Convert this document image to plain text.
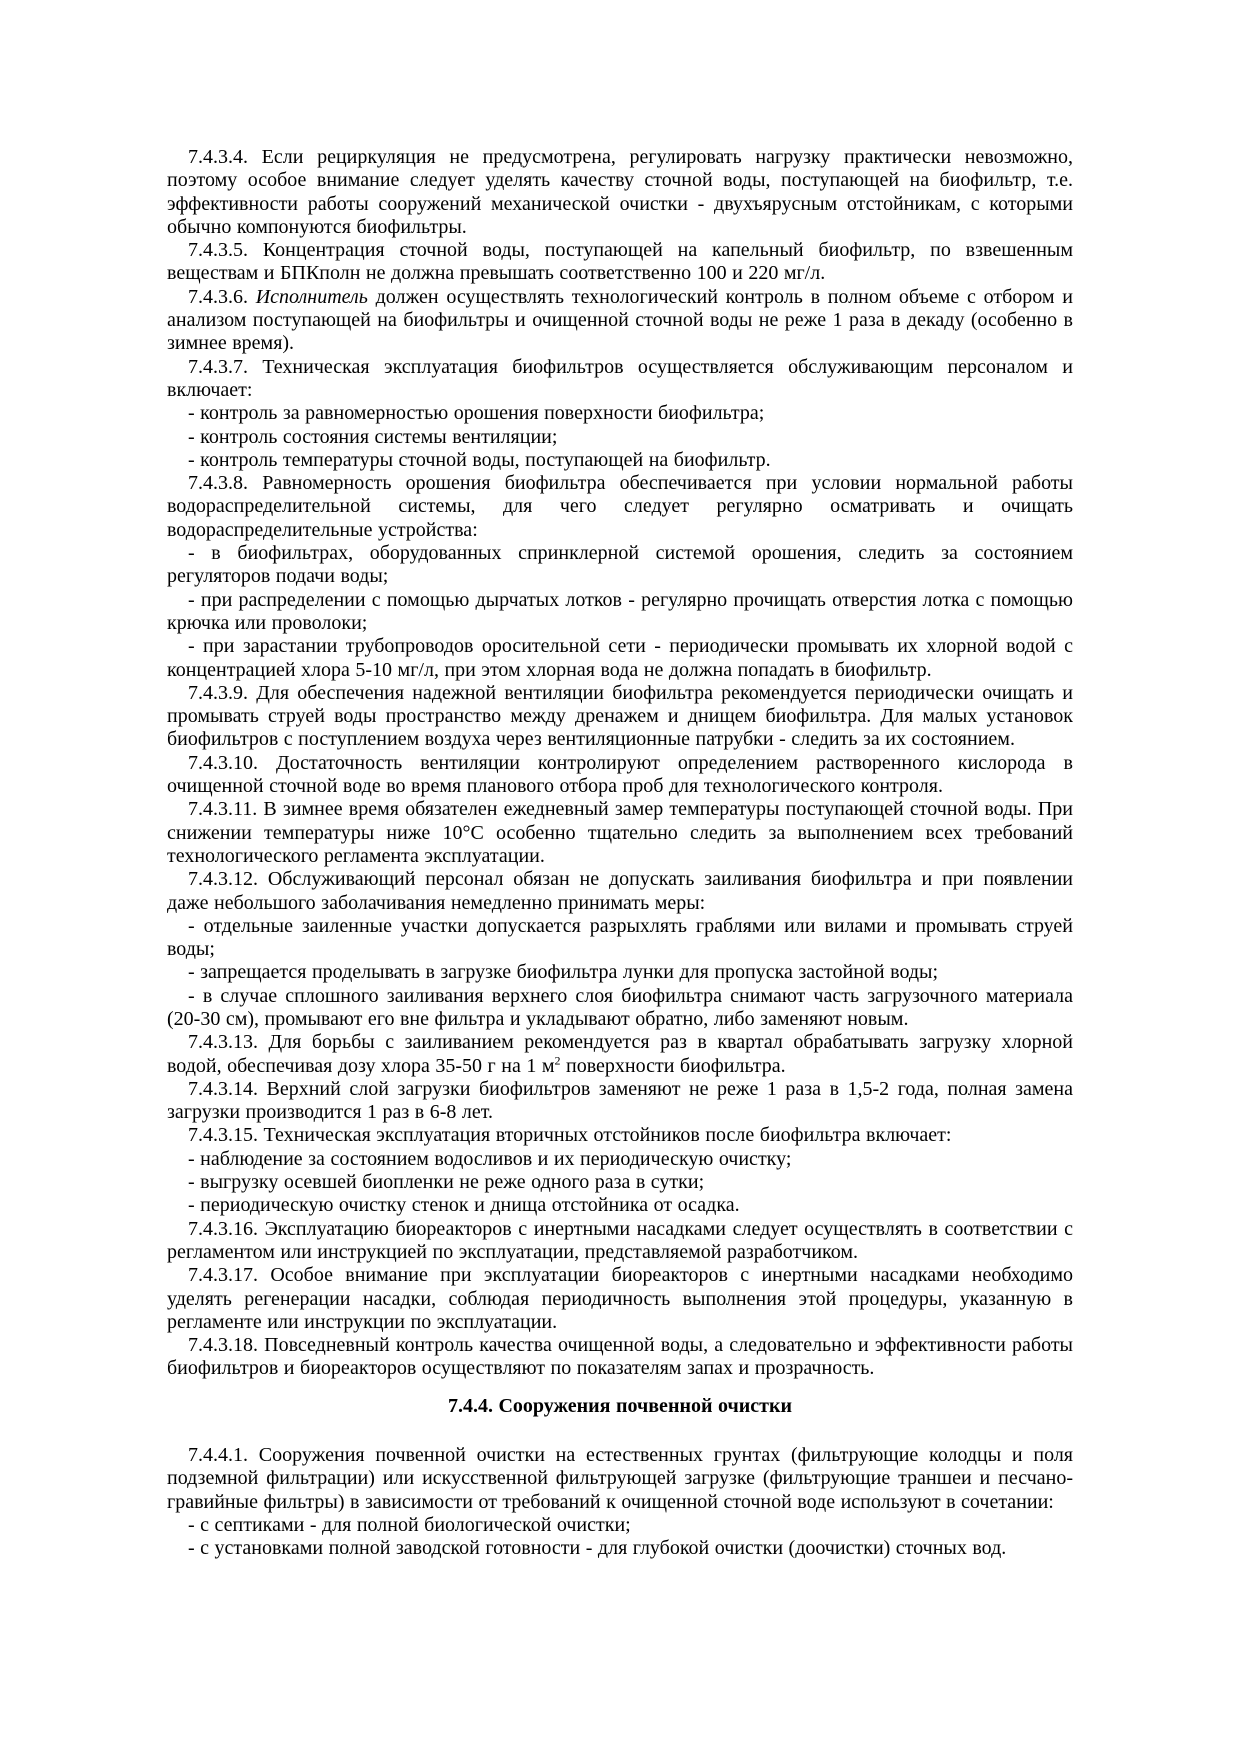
7.4.3.4. Если рециркуляция не предусмотрена, регулировать нагрузку практически невозможно, поэтому особое внимание следует уделять качеству сточной воды, поступающей на биофильтр, т.е. эффективности работы сооружений механической очистки - двухъярусным отстойникам, с которыми обычно компонуются биофильтры.

7.4.3.5. Концентрация сточной воды, поступающей на капельный биофильтр, по взвешенным веществам и БПКполн не должна превышать соответственно 100 и 220 мг/л.

7.4.3.6. Исполнитель должен осуществлять технологический контроль в полном объеме с отбором и анализом поступающей на биофильтры и очищенной сточной воды не реже 1 раза в декаду (особенно в зимнее время).

7.4.3.7. Техническая эксплуатация биофильтров осуществляется обслуживающим персоналом и включает:

- контроль за равномерностью орошения поверхности биофильтра;

- контроль состояния системы вентиляции;

- контроль температуры сточной воды, поступающей на биофильтр.

7.4.3.8. Равномерность орошения биофильтра обеспечивается при условии нормальной работы водораспределительной системы, для чего следует регулярно осматривать и очищать водораспределительные устройства:

- в биофильтрах, оборудованных спринклерной системой орошения, следить за состоянием регуляторов подачи воды;

- при распределении с помощью дырчатых лотков - регулярно прочищать отверстия лотка с помощью крючка или проволоки;

- при зарастании трубопроводов оросительной сети - периодически промывать их хлорной водой с концентрацией хлора 5-10 мг/л, при этом хлорная вода не должна попадать в биофильтр.

7.4.3.9. Для обеспечения надежной вентиляции биофильтра рекомендуется периодически очищать и промывать струей воды пространство между дренажем и днищем биофильтра. Для малых установок биофильтров с поступлением воздуха через вентиляционные патрубки - следить за их состоянием.

7.4.3.10. Достаточность вентиляции контролируют определением растворенного кислорода в очищенной сточной воде во время планового отбора проб для технологического контроля.

7.4.3.11. В зимнее время обязателен ежедневный замер температуры поступающей сточной воды. При снижении температуры ниже 10°С особенно тщательно следить за выполнением всех требований технологического регламента эксплуатации.

7.4.3.12. Обслуживающий персонал обязан не допускать заиливания биофильтра и при появлении даже небольшого заболачивания немедленно принимать меры:

- отдельные заиленные участки допускается разрыхлять граблями или вилами и промывать струей воды;

- запрещается проделывать в загрузке биофильтра лунки для пропуска застойной воды;

- в случае сплошного заиливания верхнего слоя биофильтра снимают часть загрузочного материала (20-30 см), промывают его вне фильтра и укладывают обратно, либо заменяют новым.

7.4.3.13. Для борьбы с заиливанием рекомендуется раз в квартал обрабатывать загрузку хлорной водой, обеспечивая дозу хлора 35-50 г на 1 $м^2$ поверхности биофильтра.

7.4.3.14. Верхний слой загрузки биофильтров заменяют не реже 1 раза в 1,5-2 года, полная замена загрузки производится 1 раз в 6-8 лет.

7.4.3.15. Техническая эксплуатация вторичных отстойников после биофильтра включает:

- наблюдение за состоянием водосливов и их периодическую очистку;

- выгрузку осевшей биопленки не реже одного раза в сутки;

- периодическую очистку стенок и днища отстойника от осадка.

7.4.3.16. Эксплуатацию биореакторов с инертными насадками следует осуществлять в соответствии с регламентом или инструкцией по эксплуатации, представляемой разработчиком.

7.4.3.17. Особое внимание при эксплуатации биореакторов с инертными насадками необходимо уделять регенерации насадки, соблюдая периодичность выполнения этой процедуры, указанную в регламенте или инструкции по эксплуатации.

7.4.3.18. Повседневный контроль качества очищенной воды, а следовательно и эффективности работы биофильтров и биореакторов осуществляют по показателям запах и прозрачность.

7.4.4. Сооружения почвенной очистки

7.4.4.1. Сооружения почвенной очистки на естественных грунтах (фильтрующие колодцы и поля подземной фильтрации) или искусственной фильтрующей загрузке (фильтрующие траншеи и песчано-гравийные фильтры) в зависимости от требований к очищенной сточной воде используют в сочетании:

- с септиками - для полной биологической очистки;

- с установками полной заводской готовности - для глубокой очистки (доочистки) сточных вод.
